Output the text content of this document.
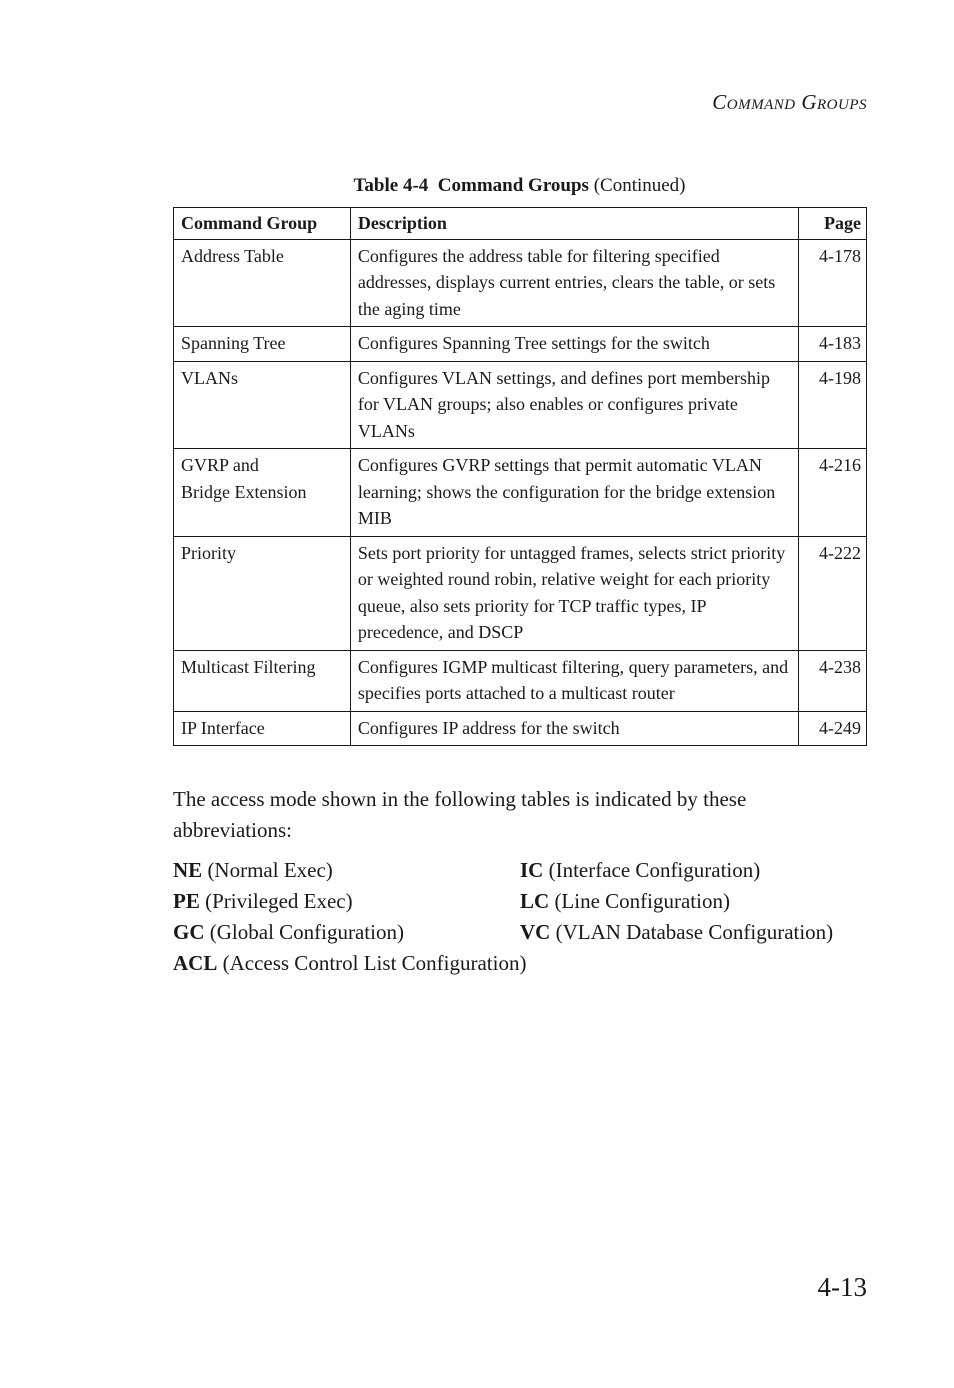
COMMAND GROUPS
Table 4-4 Command Groups (Continued)
Command Group	Description	Page
Address Table	Configures the address table for filtering specified addresses, displays current entries, clears the table, or sets the aging time	4-178
Spanning Tree	Configures Spanning Tree settings for the switch	4-183
VLANs	Configures VLAN settings, and defines port membership for VLAN groups; also enables or configures private VLANs	4-198
GVRP and Bridge Extension	Configures GVRP settings that permit automatic VLAN learning; shows the configuration for the bridge extension MIB	4-216
Priority	Sets port priority for untagged frames, selects strict priority or weighted round robin, relative weight for each priority queue, also sets priority for TCP traffic types, IP precedence, and DSCP	4-222
Multicast Filtering	Configures IGMP multicast filtering, query parameters, and specifies ports attached to a multicast router	4-238
IP Interface	Configures IP address for the switch	4-249
The access mode shown in the following tables is indicated by these abbreviations:
NE (Normal Exec)	IC (Interface Configuration)
PE (Privileged Exec)	LC (Line Configuration)
GC (Global Configuration)	VC (VLAN Database Configuration)
ACL (Access Control List Configuration)
4-13
